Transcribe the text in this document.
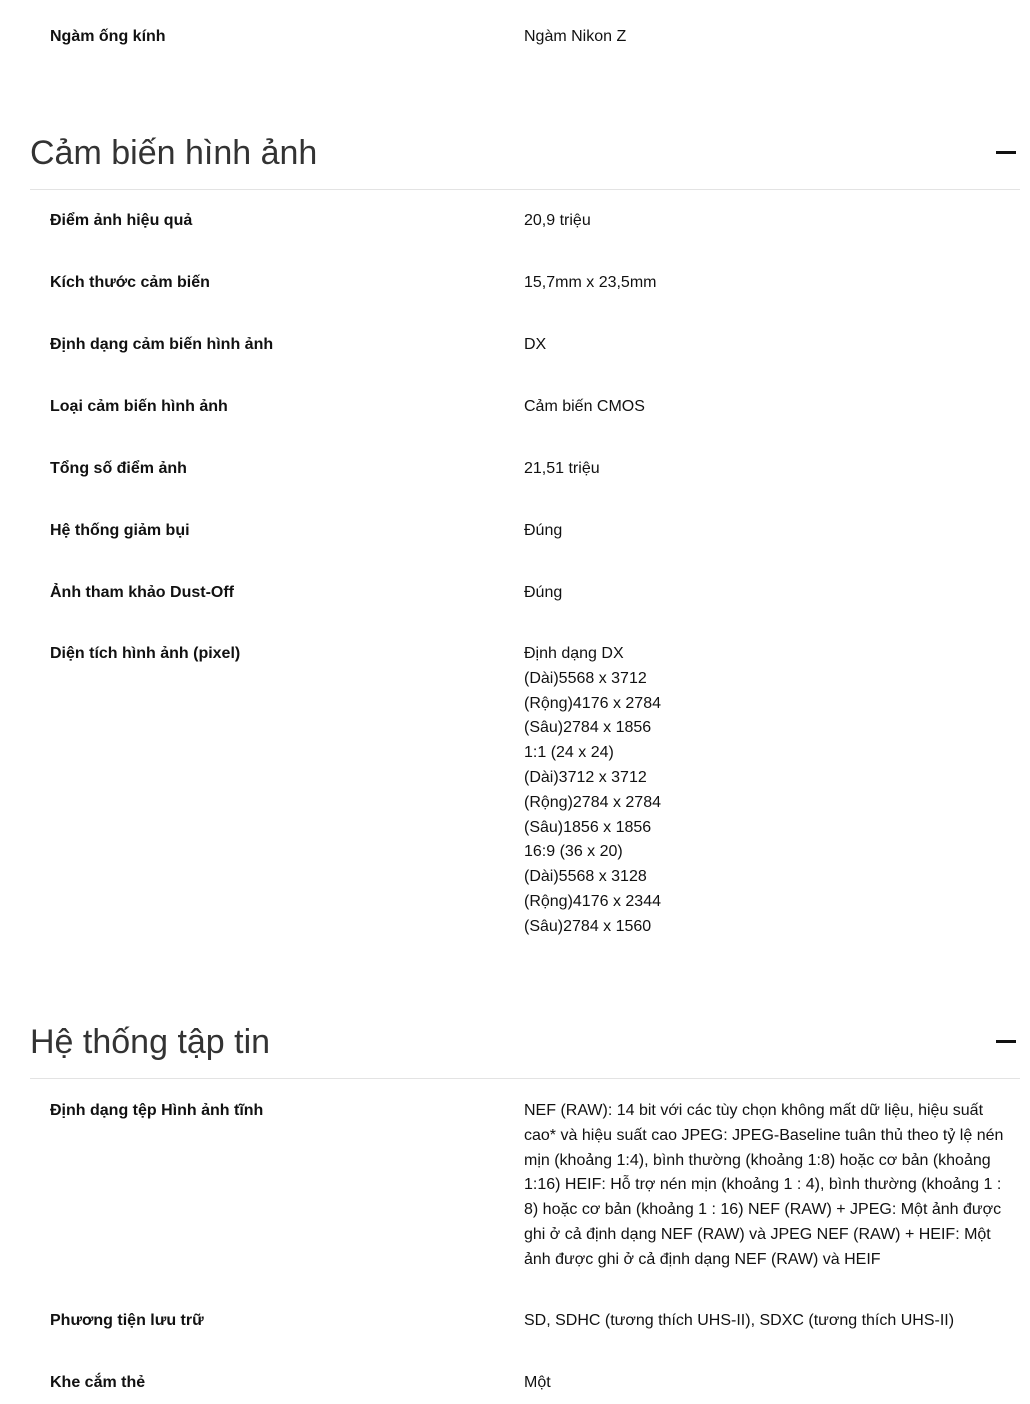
Ngàm ống kính	Ngàm Nikon Z
Cảm biến hình ảnh
Điểm ảnh hiệu quả	20,9 triệu
Kích thước cảm biến	15,7mm x 23,5mm
Định dạng cảm biến hình ảnh	DX
Loại cảm biến hình ảnh	Cảm biến CMOS
Tổng số điểm ảnh	21,51 triệu
Hệ thống giảm bụi	Đúng
Ảnh tham khảo Dust-Off	Đúng
Diện tích hình ảnh (pixel)	Định dạng DX
(Dài)5568 x 3712
(Rộng)4176 x 2784
(Sâu)2784 x 1856
1:1 (24 x 24)
(Dài)3712 x 3712
(Rộng)2784 x 2784
(Sâu)1856 x 1856
16:9 (36 x 20)
(Dài)5568 x 3128
(Rộng)4176 x 2344
(Sâu)2784 x 1560
Hệ thống tập tin
Định dạng tệp Hình ảnh tĩnh	NEF (RAW): 14 bit với các tùy chọn không mất dữ liệu, hiệu suất
cao* và hiệu suất cao JPEG: JPEG-Baseline tuân thủ theo tỷ lệ nén
mịn (khoảng 1:4), bình thường (khoảng 1:8) hoặc cơ bản (khoảng
1:16) HEIF: Hỗ trợ nén mịn (khoảng 1 : 4), bình thường (khoảng 1 :
8) hoặc cơ bản (khoảng 1 : 16) NEF (RAW) + JPEG: Một ảnh được
ghi ở cả định dạng NEF (RAW) và JPEG NEF (RAW) + HEIF: Một
ảnh được ghi ở cả định dạng NEF (RAW) và HEIF
Phương tiện lưu trữ	SD, SDHC (tương thích UHS-II), SDXC (tương thích UHS-II)
Khe cắm thẻ	Một
